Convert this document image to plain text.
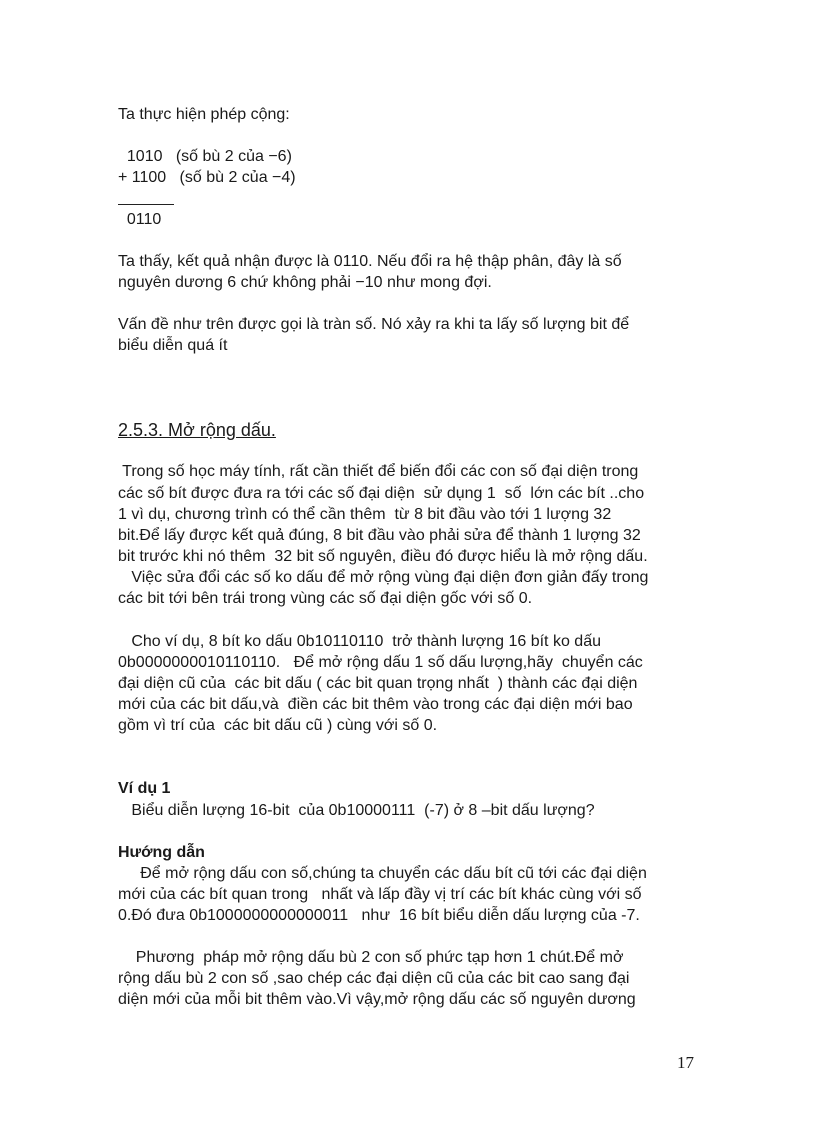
Ta thực hiện phép cộng:
1010   (số bù 2 của −6)
+ 1100   (số bù 2 của −4)
0110
Ta thấy, kết quả nhận được là 0110. Nếu đổi ra hệ thập phân, đây là số
nguyên dương 6 chứ không phải −10 như mong đợi.
Vấn đề như trên được gọi là tràn số. Nó xảy ra khi ta lấy số lượng bit để
biểu diễn quá ít
2.5.3. Mở rộng dấu.
Trong số học máy tính, rất cần thiết để biến đổi các con số đại diện trong
các số bít được đưa ra tới các số đại diện  sử dụng 1  số  lớn các bít ..cho
1 vì dụ, chương trình có thể cần thêm  từ 8 bit đầu vào tới 1 lượng 32
bit.Để lấy được kết quả đúng, 8 bit đầu vào phải sửa để thành 1 lượng 32
bit trước khi nó thêm  32 bit số nguyên, điều đó được hiểu là mở rộng dấu.
Việc sửa đổi các số ko dấu để mở rộng vùng đại diện đơn giản đấy trong
các bit tới bên trái trong vùng các số đại diện gốc với số 0.
Cho ví dụ, 8 bít ko dấu 0b10110110  trở thành lượng 16 bít ko dấu
0b0000000010110110.   Để mở rộng dấu 1 số dấu lượng,hãy  chuyển các
đại diện cũ của  các bit dấu ( các bit quan trọng nhất  ) thành các đại diện
mới của các bit dấu,và  điền các bit thêm vào trong các đại diện mới bao
gồm vì trí của  các bit dấu cũ ) cùng với số 0.
Ví dụ 1
Biểu diễn lượng 16-bit  của 0b10000111  (-7) ở 8 –bit dấu lượng?
Hướng dẫn
Để mở rộng dấu con số,chúng ta chuyển các dấu bít cũ tới các đại diện
mới của các bít quan trong   nhất và lấp đầy vị trí các bít khác cùng với số
0.Đó đưa 0b1000000000000011   như  16 bít biểu diễn dấu lượng của -7.
Phương  pháp mở rộng dấu bù 2 con số phức tạp hơn 1 chút.Để mở
rộng dấu bù 2 con số ,sao chép các đại diện cũ của các bit cao sang đại
diện mới của mỗi bit thêm vào.Vì vậy,mở rộng dấu các số nguyên dương
17
